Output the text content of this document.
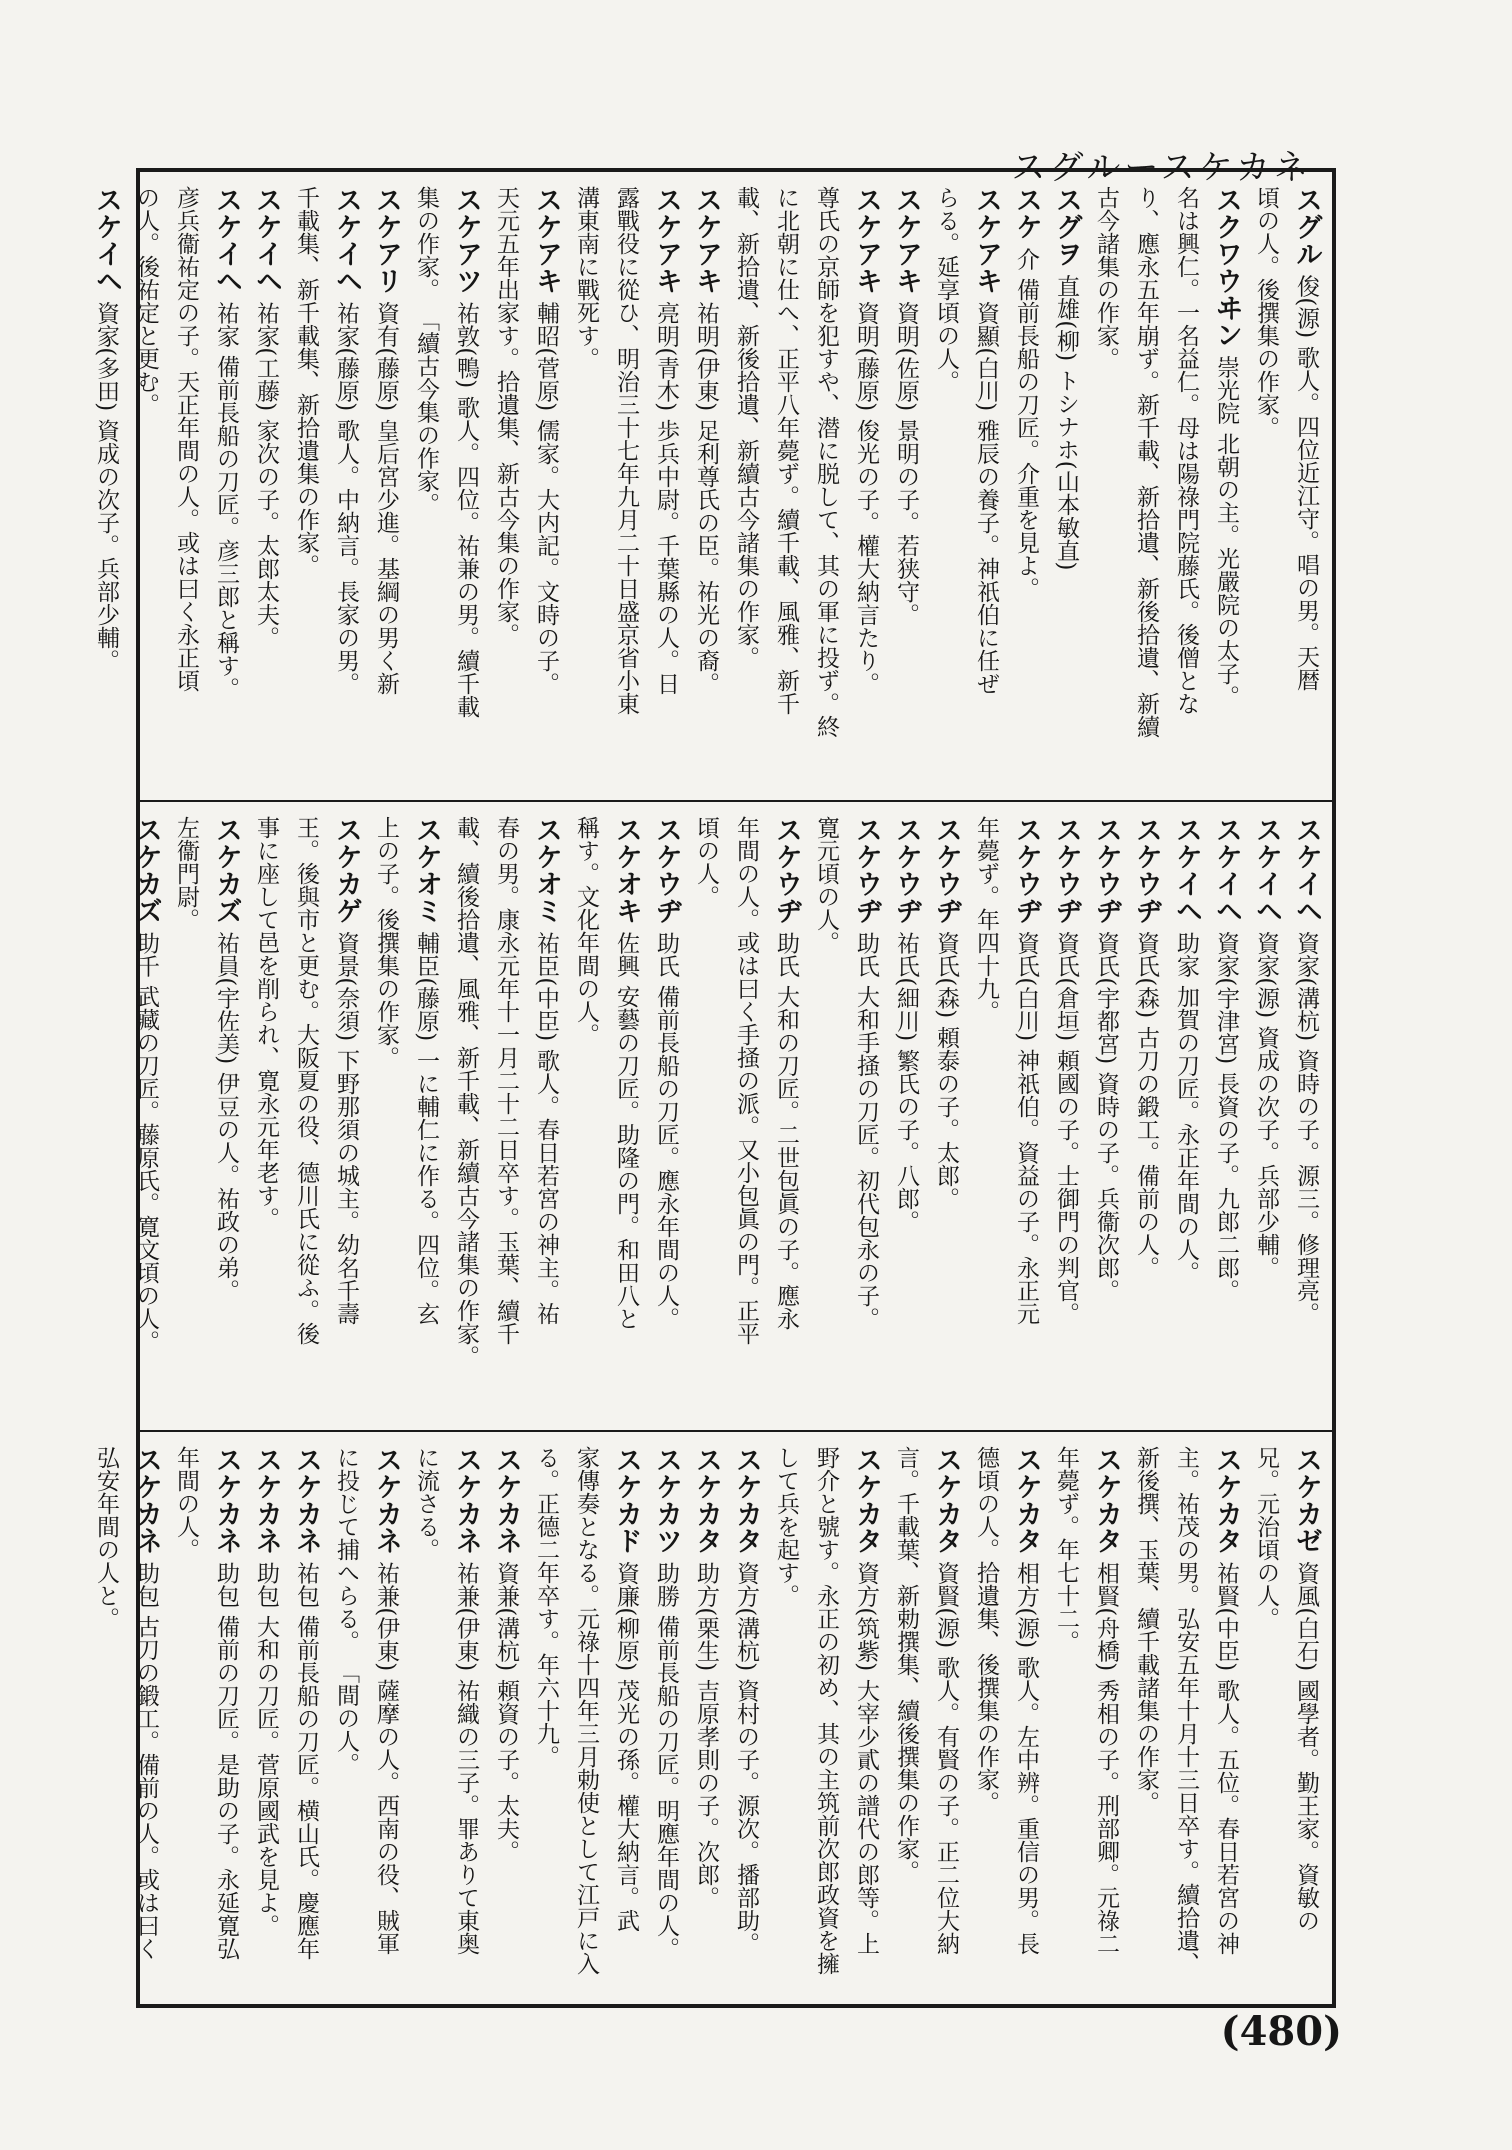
スグルースケカネ
スグル 俊(源) 歌人。四位近江守。唱の男。天暦
頃の人。後撰集の作家。
スクワウヰン 崇光院 北朝の主。光嚴院の太子。
名は興仁。一名益仁。母は陽祿門院藤氏。後僧とな
り、應永五年崩ず。新千載、新拾遺、新後拾遺、新續
古今諸集の作家。
スグヲ 直雄(柳) トシナホ(山本敏直)
スケ 介 備前長船の刀匠。介重を見よ。
スケアキ 資顯(白川) 雅辰の養子。神祇伯に任ぜ
らる。延享頃の人。
スケアキ 資明(佐原) 景明の子。若狭守。
スケアキ 資明(藤原) 俊光の子。權大納言たり。
尊氏の京師を犯すや、潜に脱して、其の軍に投ず。終
に北朝に仕へ、正平八年薨ず。續千載、風雅、新千
載、新拾遺、新後拾遺、新續古今諸集の作家。
スケアキ 祐明(伊東) 足利尊氏の臣。祐光の裔。
スケアキ 亮明(青木) 歩兵中尉。千葉縣の人。日
露戰役に從ひ、明治三十七年九月二十日盛京省小東
溝東南に戰死す。
スケアキ 輔昭(菅原) 儒家。大内記。文時の子。
天元五年出家す。拾遺集、新古今集の作家。
スケアツ 祐敦(鴨) 歌人。四位。祐兼の男。續千載
集の作家。 「續古今集の作家。
スケアリ 資有(藤原) 皇后宮少進。基綱の男く新
スケイヘ 祐家(藤原) 歌人。中納言。長家の男。
千載集、新千載集、新拾遺集の作家。
スケイヘ 祐家(工藤) 家次の子。太郎太夫。
スケイヘ 祐家 備前長船の刀匠。彦三郎と稱す。
彦兵衞祐定の子。天正年間の人。或は曰く永正頃
の人。後祐定と更む。
スケイヘ 資家(多田) 資成の次子。兵部少輔。
スケイヘ 資家(溝杭) 資時の子。源三。修理亮。
スケイヘ 資家(源) 資成の次子。兵部少輔。
スケイヘ 資家(宇津宮) 長資の子。九郎二郎。
スケイヘ 助家 加賀の刀匠。永正年間の人。
スケウヂ 資氏(森) 古刀の鍛工。備前の人。
スケウヂ 資氏(宇都宮) 資時の子。兵衞次郎。
スケウヂ 資氏(倉垣) 頼國の子。士御門の判官。
スケウヂ 資氏(白川) 神祇伯。資益の子。永正元
年薨ず。年四十九。
スケウヂ 資氏(森) 頼泰の子。太郎。
スケウヂ 祐氏(細川) 繁氏の子。八郎。
スケウヂ 助氏 大和手掻の刀匠。初代包永の子。
寛元頃の人。
スケウヂ 助氏 大和の刀匠。二世包眞の子。應永
年間の人。或は曰く手掻の派。又小包眞の門。正平
頃の人。
スケウヂ 助氏 備前長船の刀匠。應永年間の人。
スケオキ 佐興 安藝の刀匠。助隆の門。和田八と
稱す。文化年間の人。
スケオミ 祐臣(中臣) 歌人。春日若宮の神主。祐
春の男。康永元年十一月二十二日卒す。玉葉、續千
載、續後拾遺、風雅、新千載、新續古今諸集の作家。
スケオミ 輔臣(藤原) 一に輔仁に作る。四位。玄
上の子。後撰集の作家。
スケカゲ 資景(奈須) 下野那須の城主。幼名千壽
王。後與市と更む。大阪夏の役、德川氏に從ふ。後
事に座して邑を削られ、寛永元年老す。
スケカズ 祐員(宇佐美) 伊豆の人。祐政の弟。
左衞門尉。
スケカズ 助千 武藏の刀匠。藤原氏。寛文頃の人。
スケカゼ 資風(白石) 國學者。勤王家。資敏の
兄。元治頃の人。
スケカタ 祐賢(中臣) 歌人。五位。春日若宮の神
主。祐茂の男。弘安五年十月十三日卒す。續拾遺、
新後撰、玉葉、續千載諸集の作家。
スケカタ 相賢(舟橋) 秀相の子。刑部卿。元祿二
年薨ず。年七十二。
スケカタ 相方(源) 歌人。左中辨。重信の男。長
德頃の人。拾遺集、後撰集の作家。
スケカタ 資賢(源) 歌人。有賢の子。正二位大納
言。千載葉、新勅撰集、續後撰集の作家。
スケカタ 資方(筑紫) 大宰少貳の譜代の郎等。上
野介と號す。永正の初め、其の主筑前次郎政資を擁
して兵を起す。
スケカタ 資方(溝杭) 資村の子。源次。播部助。
スケカタ 助方(栗生) 吉原孝則の子。次郎。
スケカツ 助勝 備前長船の刀匠。明應年間の人。
スケカド 資廉(柳原) 茂光の孫。權大納言。武
家傳奏となる。元祿十四年三月勅使として江戸に入
る。正德二年卒す。年六十九。
スケカネ 資兼(溝杭) 頼資の子。太夫。
スケカネ 祐兼(伊東) 祐織の三子。罪ありて東奥
に流さる。
スケカネ 祐兼(伊東) 薩摩の人。西南の役、賊軍
に投じて捕へらる。 「間の人。
スケカネ 祐包 備前長船の刀匠。横山氏。慶應年
スケカネ 助包 大和の刀匠。菅原國武を見よ。
スケカネ 助包 備前の刀匠。是助の子。永延寛弘
年間の人。
スケカネ 助包 古刀の鍛工。備前の人。或は曰く
弘安年間の人と。
(480)
